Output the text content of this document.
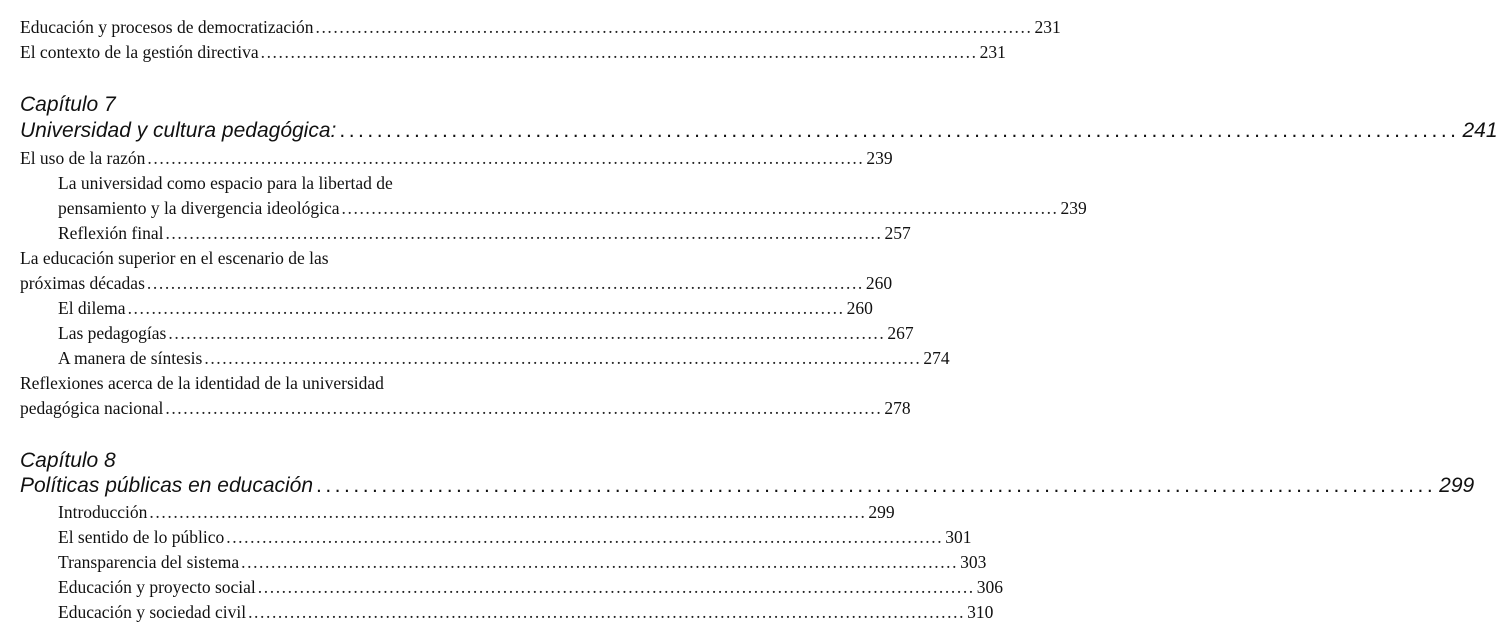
Educación y procesos de democratización ........................................................................................................................ 231
El contexto de la gestión directiva ........................................................................................................................ 231
Capítulo 7
Universidad y cultura pedagógica: ........................................................................................................................ 241
El uso de la razón ........................................................................................................................ 239
La universidad como espacio para la libertad de
pensamiento y la divergencia ideológica ........................................................................................................................ 239
Reflexión final ........................................................................................................................ 257
La educación superior en el escenario de las
próximas décadas ........................................................................................................................ 260
El dilema ........................................................................................................................ 260
Las pedagogías ........................................................................................................................ 267
A manera de síntesis ........................................................................................................................ 274
Reflexiones acerca de la identidad de la universidad
pedagógica nacional ........................................................................................................................ 278
Capítulo 8
Políticas públicas en educación ........................................................................................................................ 299
Introducción ........................................................................................................................ 299
El sentido de lo público ........................................................................................................................ 301
Transparencia del sistema ........................................................................................................................ 303
Educación y proyecto social ........................................................................................................................ 306
Educación y sociedad civil ........................................................................................................................ 310
